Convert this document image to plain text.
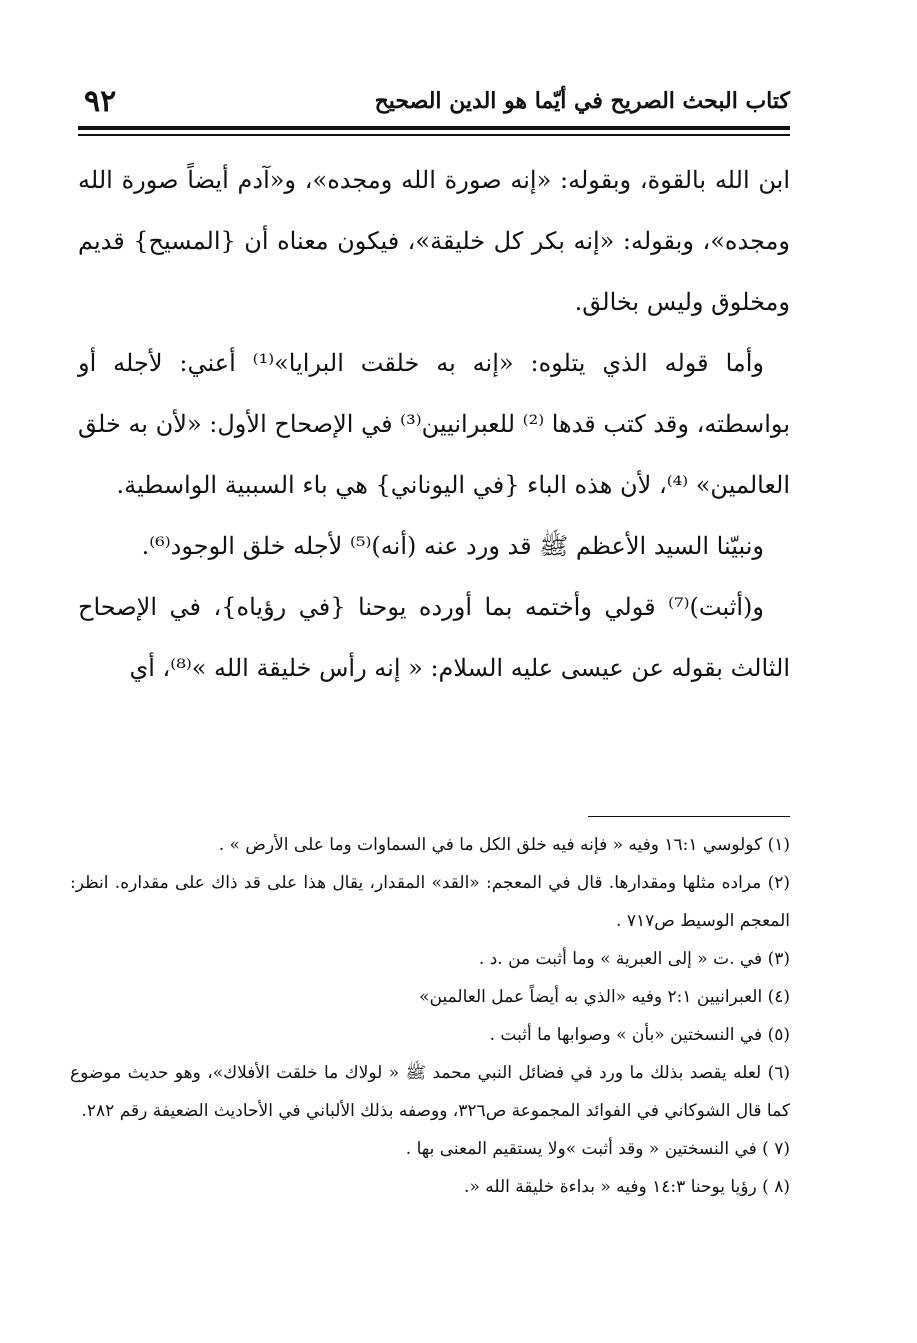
كتاب البحث الصريح في أيّما هو الدين الصحيح
٩٢

ابن الله بالقوة، وبقوله: «إنه صورة الله ومجده»، و«آدم أيضاً صورة الله ومجده»، وبقوله: «إنه بكر كل خليقة»، فيكون معناه أن {المسيح} قديم ومخلوق وليس بخالق.

وأما قوله الذي يتلوه: «إنه به خلقت البرايا»⁽¹⁾ أعني: لأجله أو بواسطته، وقد كتب قدها ⁽²⁾ للعبرانيين⁽³⁾ في الإصحاح الأول: «لأن به خلق العالمين» ⁽⁴⁾، لأن هذه الباء {في اليوناني} هي باء السببية الواسطية.

ونبيّنا السيد الأعظم ﷺ قد ورد عنه (أنه)⁽⁵⁾ لأجله خلق الوجود⁽⁶⁾.

و(أثبت)⁽⁷⁾ قولي وأختمه بما أورده يوحنا {في رؤياه}، في الإصحاح الثالث بقوله عن عيسى عليه السلام: « إنه رأس خليقة الله »⁽⁸⁾، أي

(١) كولوسي ١٦:١ وفيه « فإنه فيه خلق الكل ما في السماوات وما على الأرض » .

(٢) مراده مثلها ومقدارها. قال في المعجم: «القد» المقدار، يقال هذا على قد ذاك على مقداره. انظر: المعجم الوسيط ص٧١٧ .

(٣) في .ت « إلى العبرية » وما أثبت من .د .

(٤) العبرانيين ٢:١ وفيه «الذي به أيضاً عمل العالمين»

(٥) في النسختين «بأن » وصوابها ما أثبت .

(٦) لعله يقصد بذلك ما ورد في فضائل النبي محمد ﷺ « لولاك ما خلقت الأفلاك»، وهو حديث موضوع كما قال الشوكاني في الفوائد المجموعة ص٣٢٦، ووصفه بذلك الألباني في الأحاديث الضعيفة رقم ٢٨٢.

(٧ ) في النسختين « وقد أثبت »ولا يستقيم المعنى بها .

(٨ ) رؤيا يوحنا ١٤:٣ وفيه « بداءة خليقة الله «.
